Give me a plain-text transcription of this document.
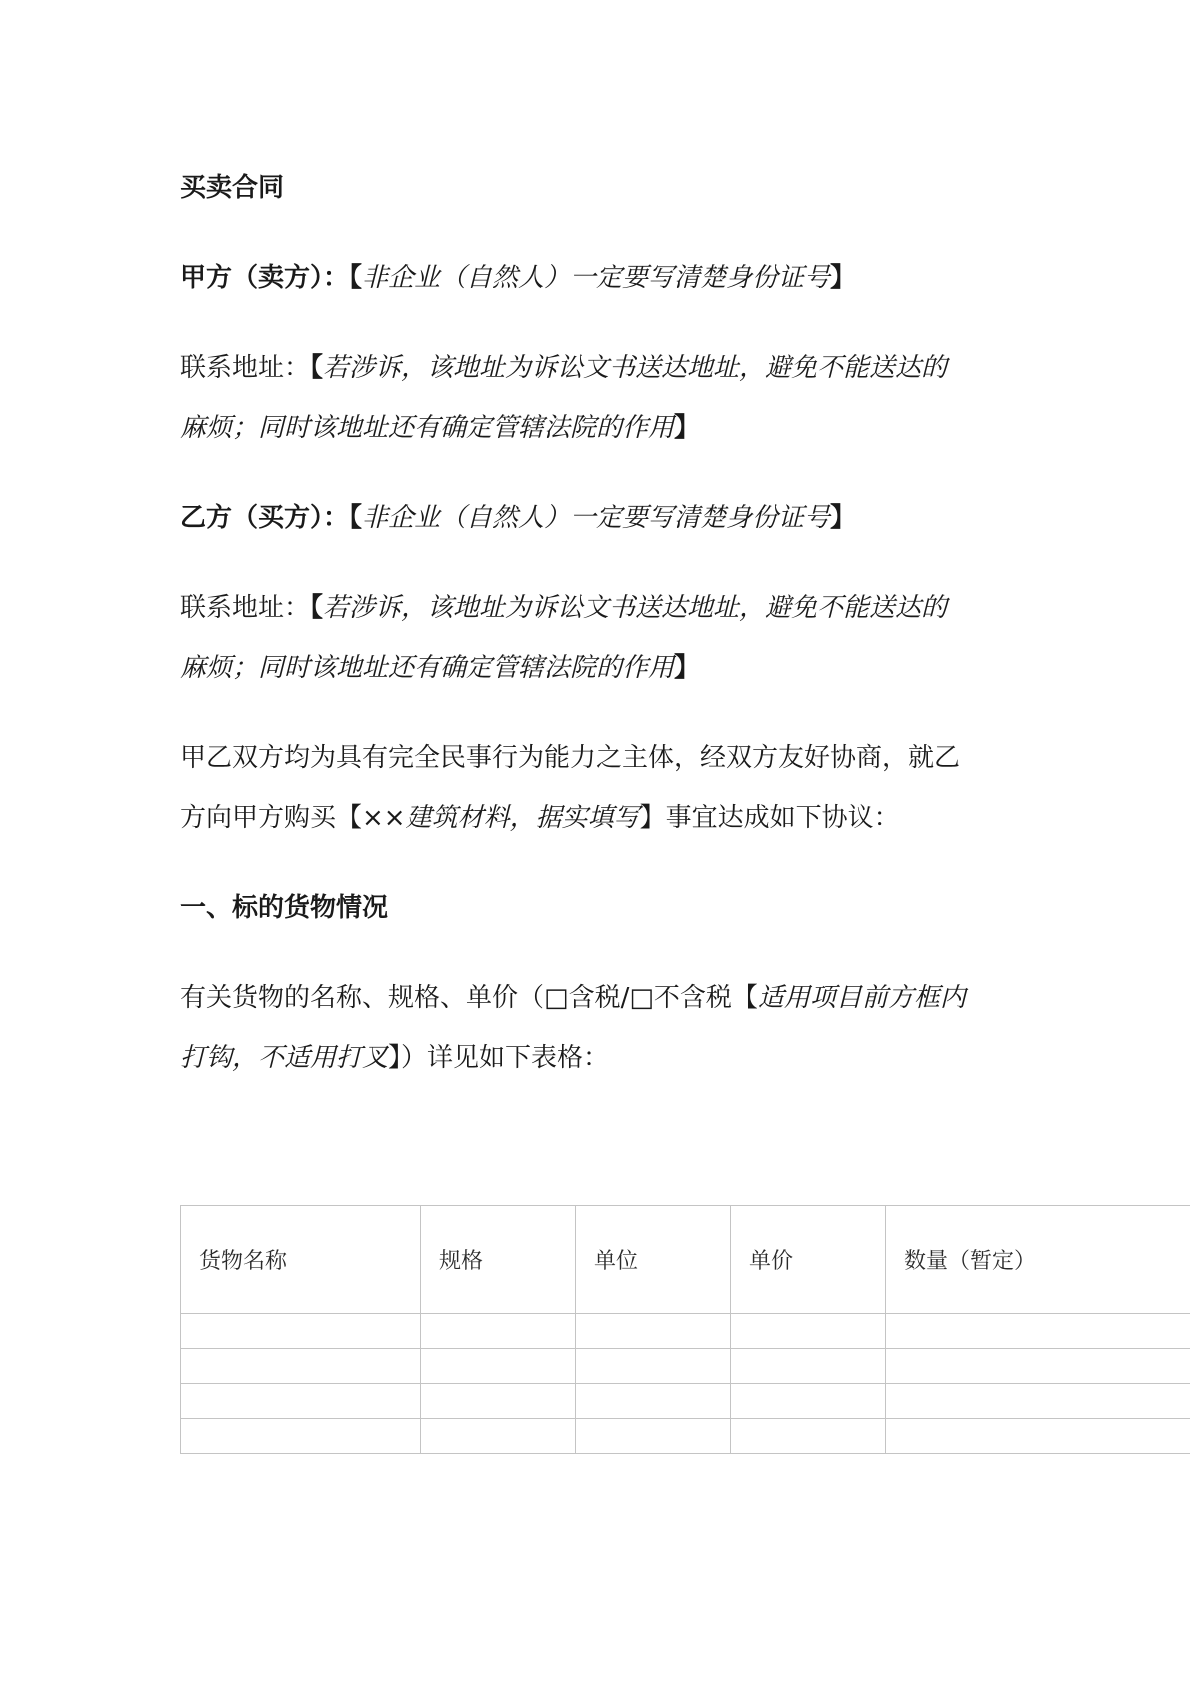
买卖合同
甲方（卖方）：【非企业（自然人）一定要写清楚身份证号】
联系地址：【若涉诉，该地址为诉讼文书送达地址，避免不能送达的
麻烦；同时该地址还有确定管辖法院的作用】
乙方（买方）：【非企业（自然人）一定要写清楚身份证号】
联系地址：【若涉诉，该地址为诉讼文书送达地址，避免不能送达的
麻烦；同时该地址还有确定管辖法院的作用】
甲乙双方均为具有完全民事行为能力之主体，经双方友好协商，就乙
方向甲方购买【××建筑材料，据实填写】事宜达成如下协议：
一、标的货物情况
有关货物的名称、规格、单价（□含税/□不含税【适用项目前方框内
打钩，不适用打叉】）详见如下表格：
货物名称	规格	单位	单价	数量（暂定）
